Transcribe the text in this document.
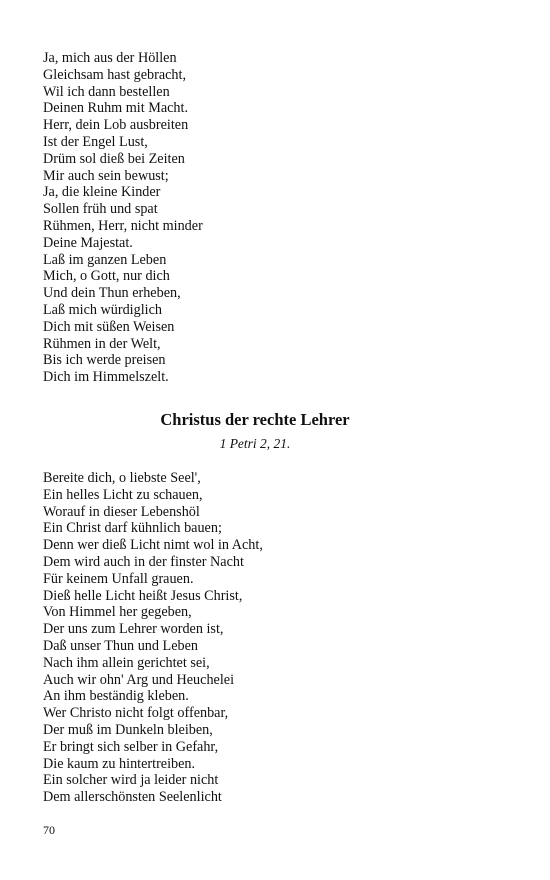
Ja, mich aus der Höllen
Gleichsam hast gebracht,
Wil ich dann bestellen
Deinen Ruhm mit Macht.
Herr, dein Lob ausbreiten
Ist der Engel Lust,
Drüm sol dieß bei Zeiten
Mir auch sein bewust;
Ja, die kleine Kinder
Sollen früh und spat
Rühmen, Herr, nicht minder
Deine Majestat.
Laß im ganzen Leben
Mich, o Gott, nur dich
Und dein Thun erheben,
Laß mich würdiglich
Dich mit süßen Weisen
Rühmen in der Welt,
Bis ich werde preisen
Dich im Himmelszelt.
Christus der rechte Lehrer

1 Petri 2, 21.

Bereite dich, o liebste Seel',
Ein helles Licht zu schauen,
Worauf in dieser Lebenshöl
Ein Christ darf kühnlich bauen;
Denn wer dieß Licht nimt wol in Acht,
Dem wird auch in der finster Nacht
Für keinem Unfall grauen.
Dieß helle Licht heißt Jesus Christ,
Von Himmel her gegeben,
Der uns zum Lehrer worden ist,
Daß unser Thun und Leben
Nach ihm allein gerichtet sei,
Auch wir ohn' Arg und Heuchelei
An ihm beständig kleben.
Wer Christo nicht folgt offenbar,
Der muß im Dunkeln bleiben,
Er bringt sich selber in Gefahr,
Die kaum zu hintertreiben.
Ein solcher wird ja leider nicht
Dem allerschönsten Seelenlicht
70
